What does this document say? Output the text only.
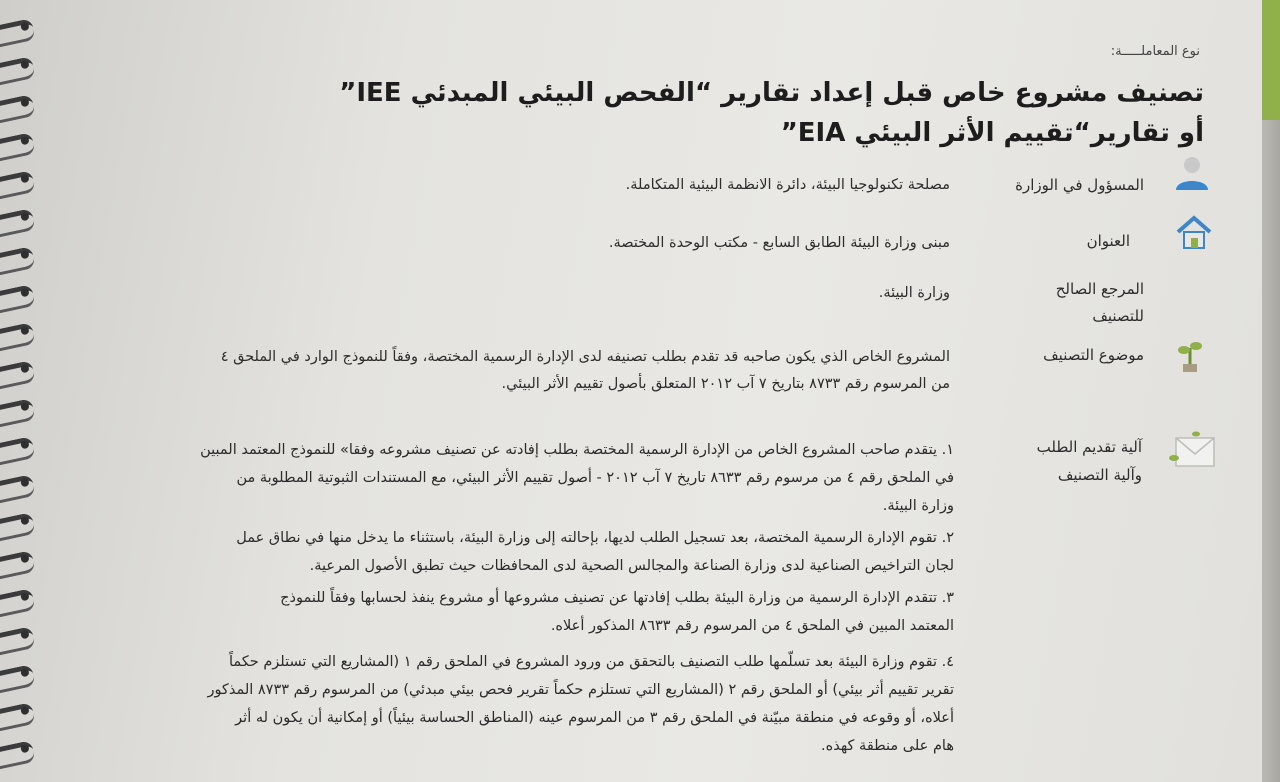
نوع المعاملـــــة:
تصنيف مشروع خاص قبل إعداد تقارير “الفحص البيئي المبدئي IEE”
أو تقارير“تقييم الأثر البيئي EIA”
المسؤول في الوزارة
مصلحة تكنولوجيا البيئة، دائرة الانظمة البيئية المتكاملة.
العنوان
مبنى وزارة البيئة الطابق السابع - مكتب الوحدة المختصة.
المرجع الصالح
للتصنيف
وزارة البيئة.
موضوع التصنيف
المشروع الخاص الذي يكون صاحبه قد تقدم بطلب تصنيفه لدى الإدارة الرسمية المختصة، وفقاً للنموذج الوارد في الملحق ٤
من المرسوم رقم ٨٧٣٣ بتاريخ ٧ آب ٢٠١٢ المتعلق بأصول تقييم الأثر البيئي.
آلية تقديم الطلب
وآلية التصنيف
١. يتقدم صاحب المشروع الخاص من الإدارة الرسمية المختصة بطلب إفادته عن تصنيف مشروعه وفقا» للنموذج المعتمد المبين
في الملحق رقم ٤ من مرسوم رقم ٨٦٣٣ تاريخ ٧ آب ٢٠١٢ - أصول تقييم الأثر البيئي، مع المستندات الثبوتية المطلوبة من
وزارة البيئة.
٢. تقوم الإدارة الرسمية المختصة، بعد تسجيل الطلب لديها، بإحالته إلى وزارة البيئة، باستثناء ما يدخل منها في نطاق عمل
لجان التراخيص الصناعية لدى وزارة الصناعة والمجالس الصحية لدى المحافظات حيث تطبق الأصول المرعية.
٣. تتقدم الإدارة الرسمية من وزارة البيئة بطلب إفادتها عن تصنيف مشروعها أو مشروع ينفذ لحسابها وفقاً للنموذج
المعتمد المبين في الملحق ٤ من المرسوم رقم ٨٦٣٣ المذكور أعلاه.
٤. تقوم وزارة البيئة بعد تسلّمها طلب التصنيف بالتحقق من ورود المشروع في الملحق رقم ١ (المشاريع التي تستلزم حكماً
تقرير تقييم أثر بيئي) أو الملحق رقم ٢ (المشاريع التي تستلزم حكماً تقرير فحص بيئي مبدئي) من المرسوم رقم ٨٧٣٣ المذكور
أعلاه، أو وقوعه في منطقة مبيّنة في الملحق رقم ٣ من المرسوم عينه (المناطق الحساسة بيئياً) أو إمكانية أن يكون له أثر
هام على منطقة كهذه.
